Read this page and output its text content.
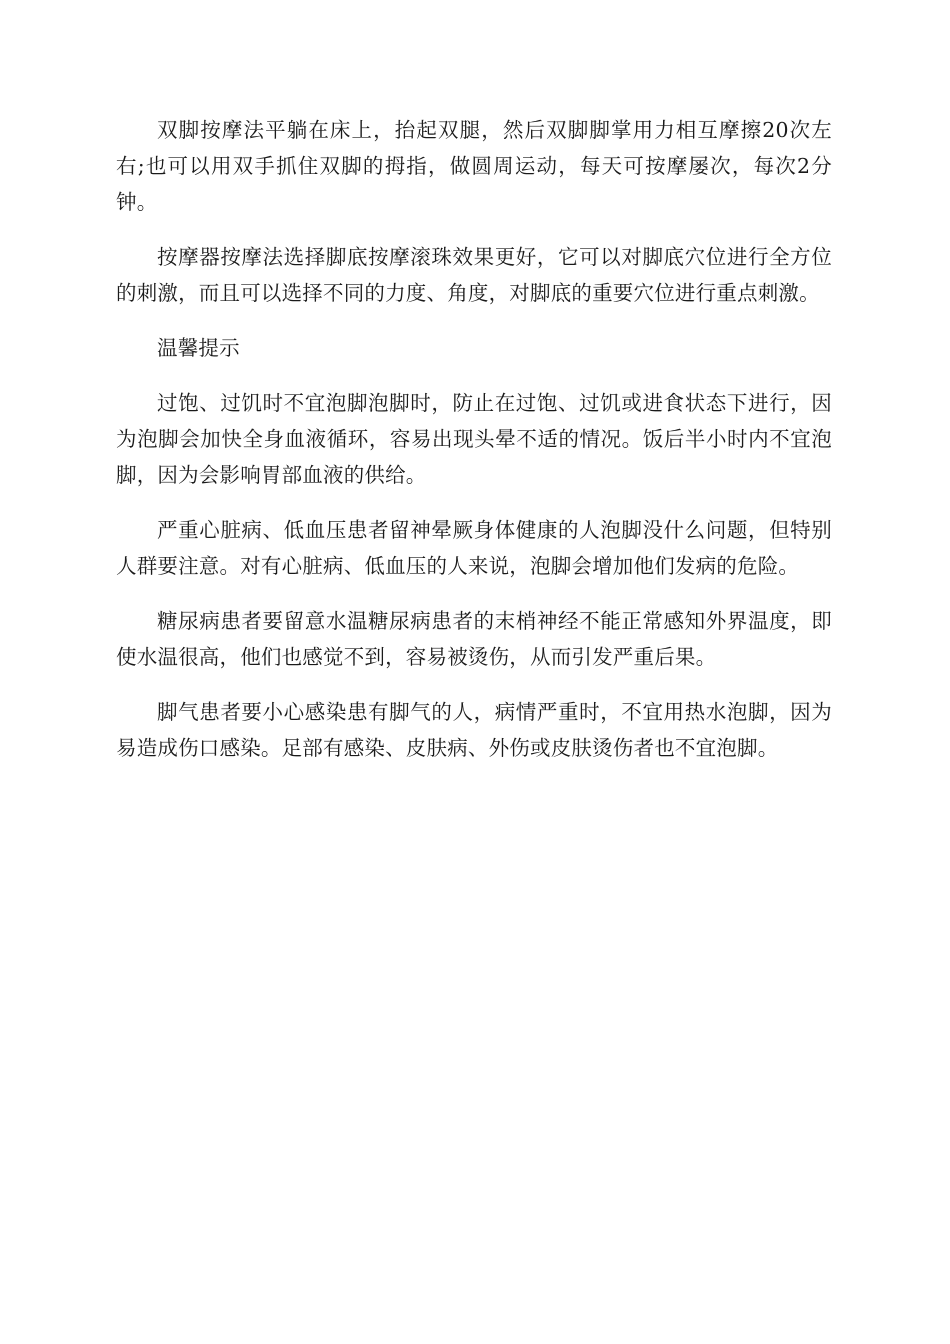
双脚按摩法平躺在床上，抬起双腿，然后双脚脚掌用力相互摩擦20次左右;也可以用双手抓住双脚的拇指，做圆周运动，每天可按摩屡次，每次2分钟。

按摩器按摩法选择脚底按摩滚珠效果更好，它可以对脚底穴位进行全方位的刺激，而且可以选择不同的力度、角度，对脚底的重要穴位进行重点刺激。

温馨提示

过饱、过饥时不宜泡脚泡脚时，防止在过饱、过饥或进食状态下进行，因为泡脚会加快全身血液循环，容易出现头晕不适的情况。饭后半小时内不宜泡脚，因为会影响胃部血液的供给。

严重心脏病、低血压患者留神晕厥身体健康的人泡脚没什么问题，但特别人群要注意。对有心脏病、低血压的人来说，泡脚会增加他们发病的危险。

糖尿病患者要留意水温糖尿病患者的末梢神经不能正常感知外界温度，即使水温很高，他们也感觉不到，容易被烫伤，从而引发严重后果。

脚气患者要小心感染患有脚气的人，病情严重时，不宜用热水泡脚，因为易造成伤口感染。足部有感染、皮肤病、外伤或皮肤烫伤者也不宜泡脚。
